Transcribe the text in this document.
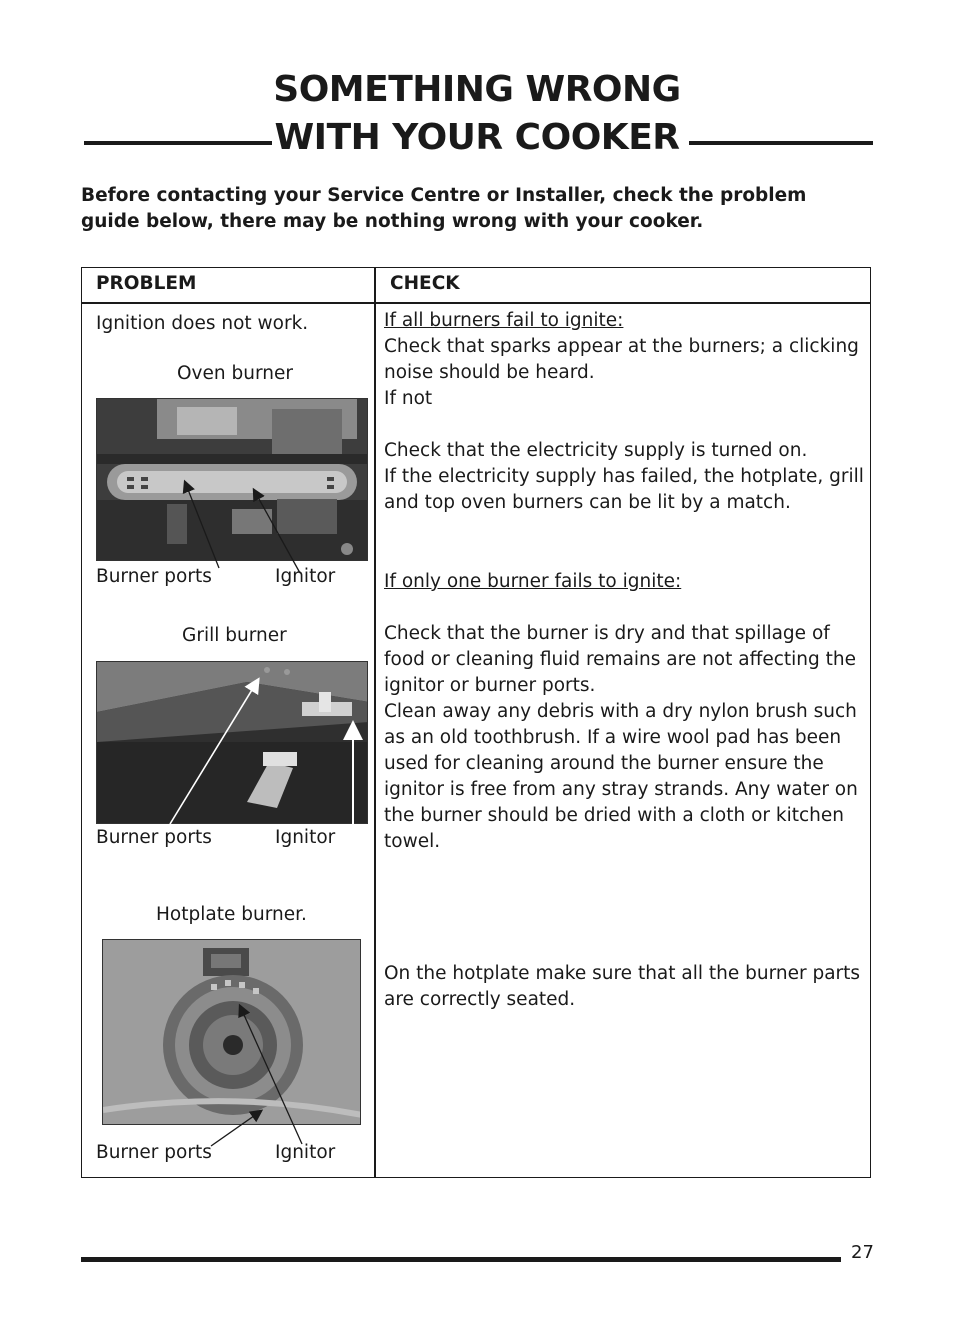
SOMETHING WRONG
WITH YOUR COOKER
Before contacting your Service Centre or Installer, check the problem guide below, there may be nothing wrong with your cooker.
PROBLEM	CHECK
Ignition does not work.
Oven burner
Burner ports	Ignitor
Grill burner
Burner ports	Ignitor
Hotplate burner.
Burner ports	Ignitor

If all burners fail to ignite:

Check that sparks appear at the burners; a clicking noise should be heard.

If not

Check that the electricity supply is turned on.

If the electricity supply has failed, the hotplate, grill and top oven burners can be lit by a match.

If only one burner fails to ignite:

Check that the burner is dry and that spillage of food or cleaning fluid remains are not affecting the ignitor or burner ports.

Clean away any debris with a dry nylon brush such as an old toothbrush. If a wire wool pad has been used for cleaning around the burner ensure the ignitor is free from any stray strands. Any water on the burner should be dried with a cloth or kitchen towel.

On the hotplate make sure that all the burner parts are correctly seated.

27
